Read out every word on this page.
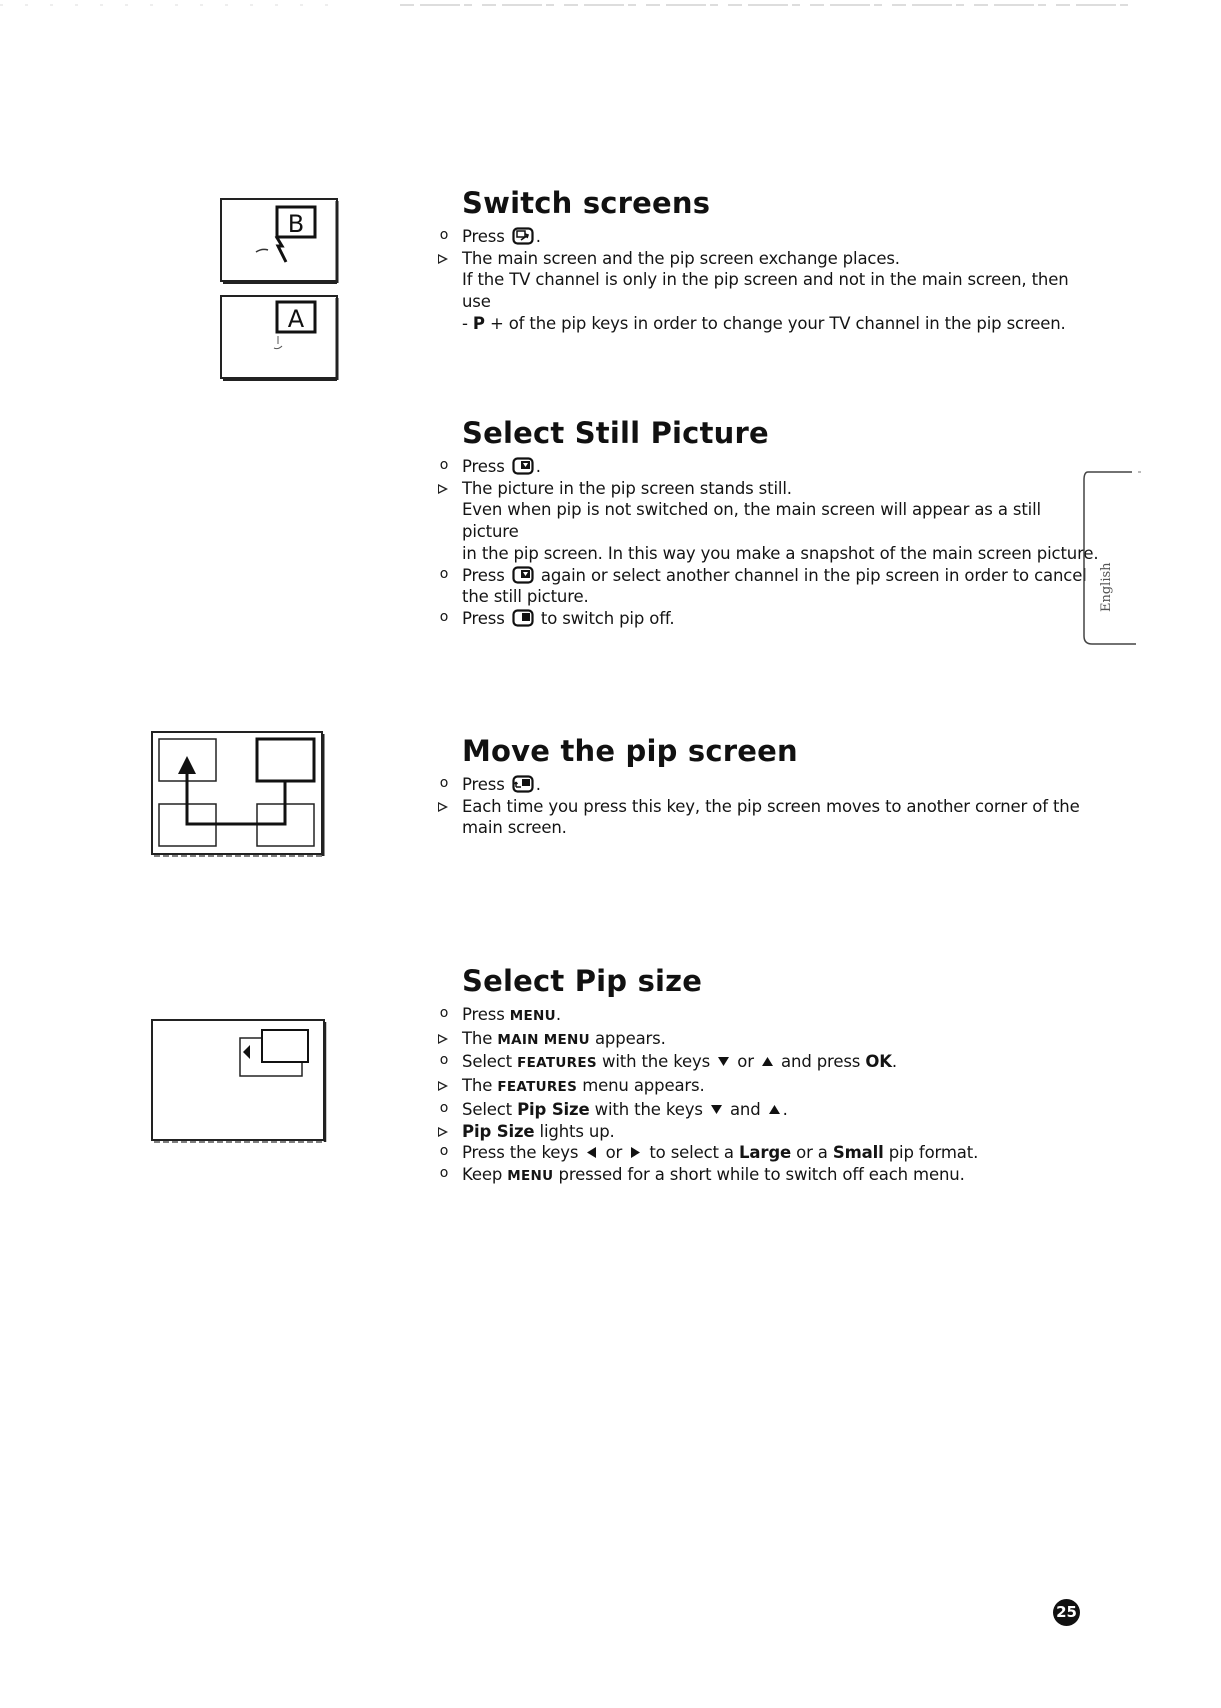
B
A
Switch screens
o
Press .
The main screen and the pip screen exchange places.
If the TV channel is only in the pip screen and not in the main screen, then use
- P + of the pip keys in order to change your TV channel in the pip screen.
Select Still Picture
o
Press .
The picture in the pip screen stands still.
Even when pip is not switched on, the main screen will appear as a still picture
in the pip screen. In this way you make a snapshot of the main screen picture.
o
Press  again or select another channel in the pip screen in order to cancel
the still picture.
o
Press  to switch pip off.
Move the pip screen
o
Press .
Each time you press this key, the pip screen moves to another corner of the
main screen.
Select Pip size
o
Press MENU.
The MAIN MENU appears.
o
Select FEATURES with the keys  or  and press OK.
The FEATURES menu appears.
o
Select Pip Size with the keys  and .
Pip Size lights up.
o
Press the keys  or  to select a Large or a Small pip format.
o
Keep MENU pressed for a short while to switch off each menu.
English
25
